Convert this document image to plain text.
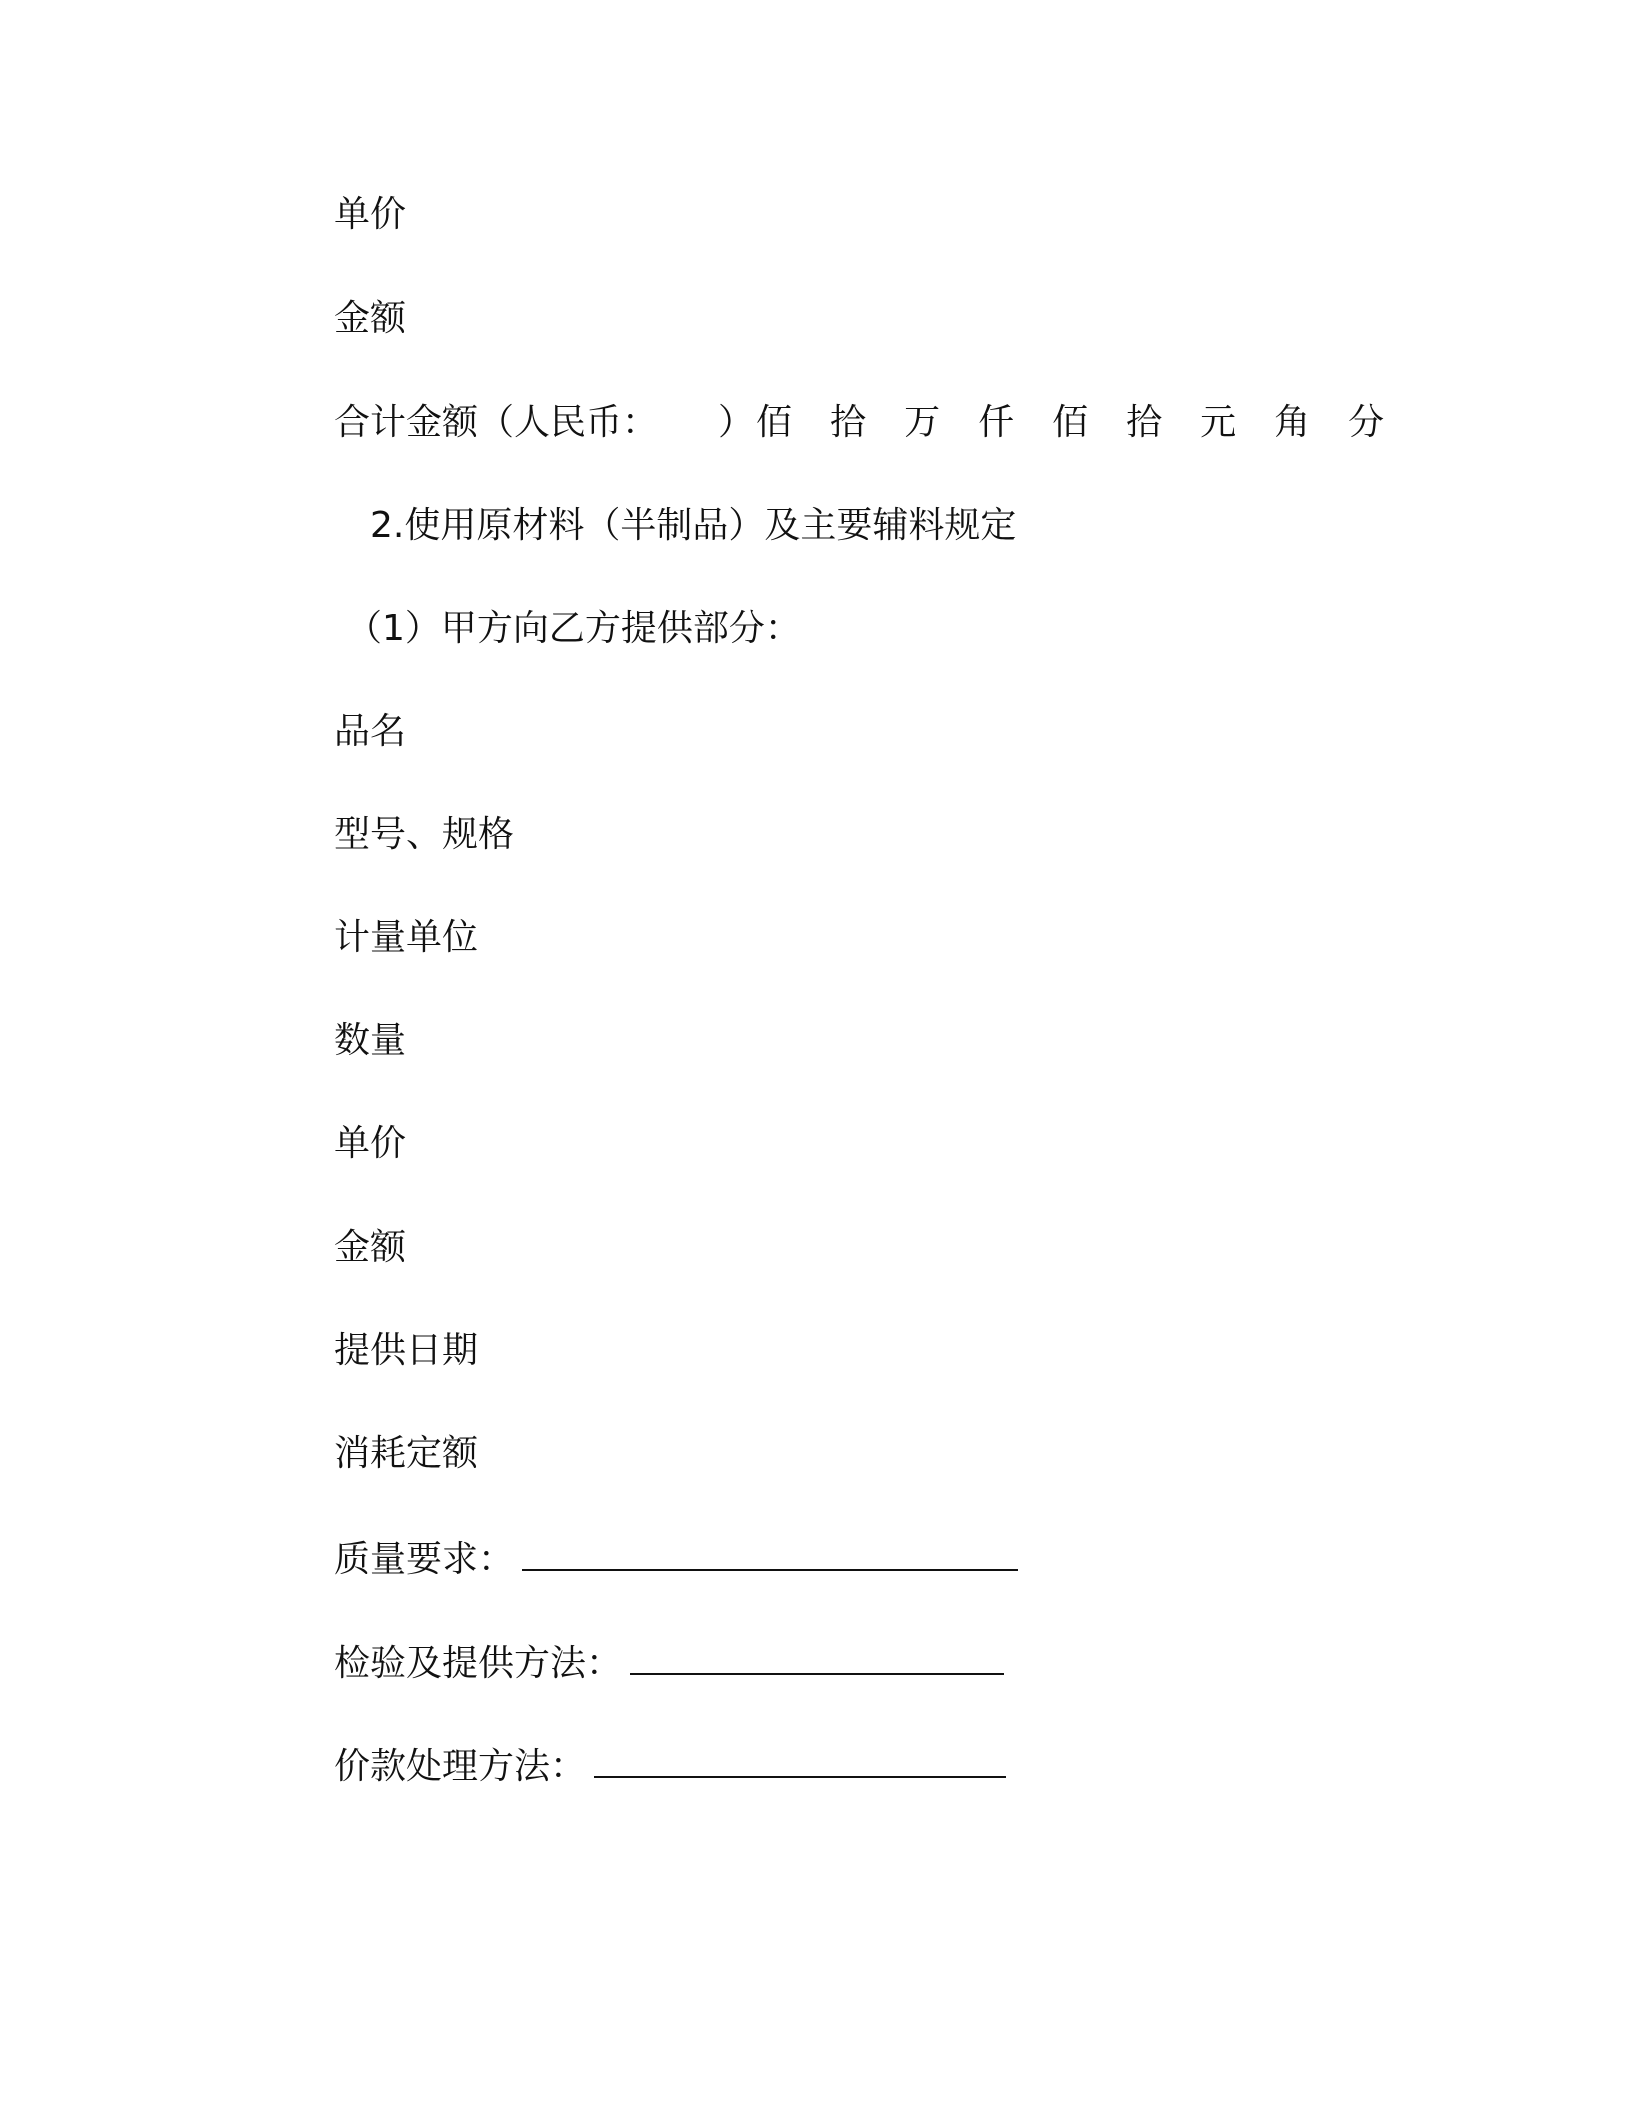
单价
金额
合计金额（人民币： ）佰 拾 万 仟 佰 拾 元 角 分
2.使用原材料（半制品）及主要辅料规定
（1）甲方向乙方提供部分：
品名
型号、规格
计量单位
数量
单价
金额
提供日期
消耗定额
质量要求：
检验及提供方法：
价款处理方法：
